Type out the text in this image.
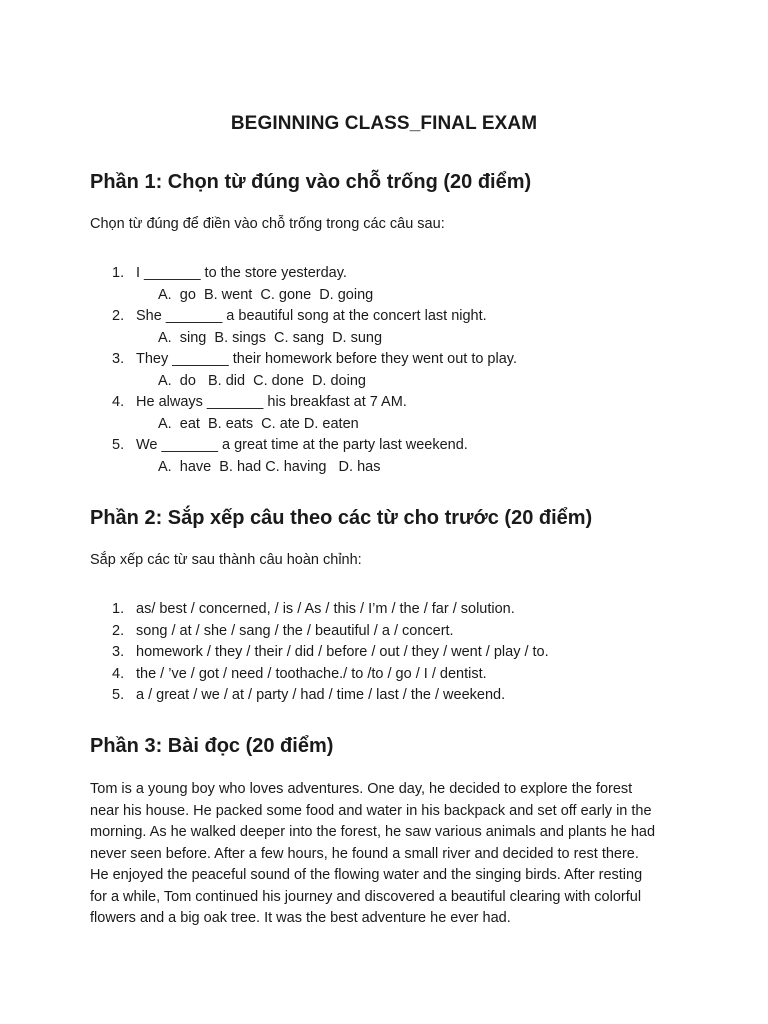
BEGINNING CLASS_FINAL EXAM
Phần 1: Chọn từ đúng vào chỗ trống (20 điểm)

Chọn từ đúng để điền vào chỗ trống trong các câu sau:

1. I _______ to the store yesterday.
A.  go  B. went  C. gone  D. going
2. She _______ a beautiful song at the concert last night.
A.  sing  B. sings  C. sang  D. sung
3. They _______ their homework before they went out to play.
A.  do   B. did  C. done  D. doing
4. He always _______ his breakfast at 7 AM.
A.  eat  B. eats  C. ate D. eaten
5. We _______ a great time at the party last weekend.
A.  have  B. had C. having   D. has
Phần 2: Sắp xếp câu theo các từ cho trước (20 điểm)

Sắp xếp các từ sau thành câu hoàn chỉnh:

1. as/ best / concerned, / is / As / this / I’m / the / far / solution.
2. song / at / she / sang / the / beautiful / a / concert.
3. homework / they / their / did / before / out / they / went / play / to.
4. the / ’ve / got / need / toothache./ to /to / go / I / dentist.
5. a / great / we / at / party / had / time / last / the / weekend.
Phần 3: Bài đọc (20 điểm)
Tom is a young boy who loves adventures. One day, he decided to explore the forest
near his house. He packed some food and water in his backpack and set off early in the
morning. As he walked deeper into the forest, he saw various animals and plants he had
never seen before. After a few hours, he found a small river and decided to rest there.
He enjoyed the peaceful sound of the flowing water and the singing birds. After resting
for a while, Tom continued his journey and discovered a beautiful clearing with colorful
flowers and a big oak tree. It was the best adventure he ever had.
